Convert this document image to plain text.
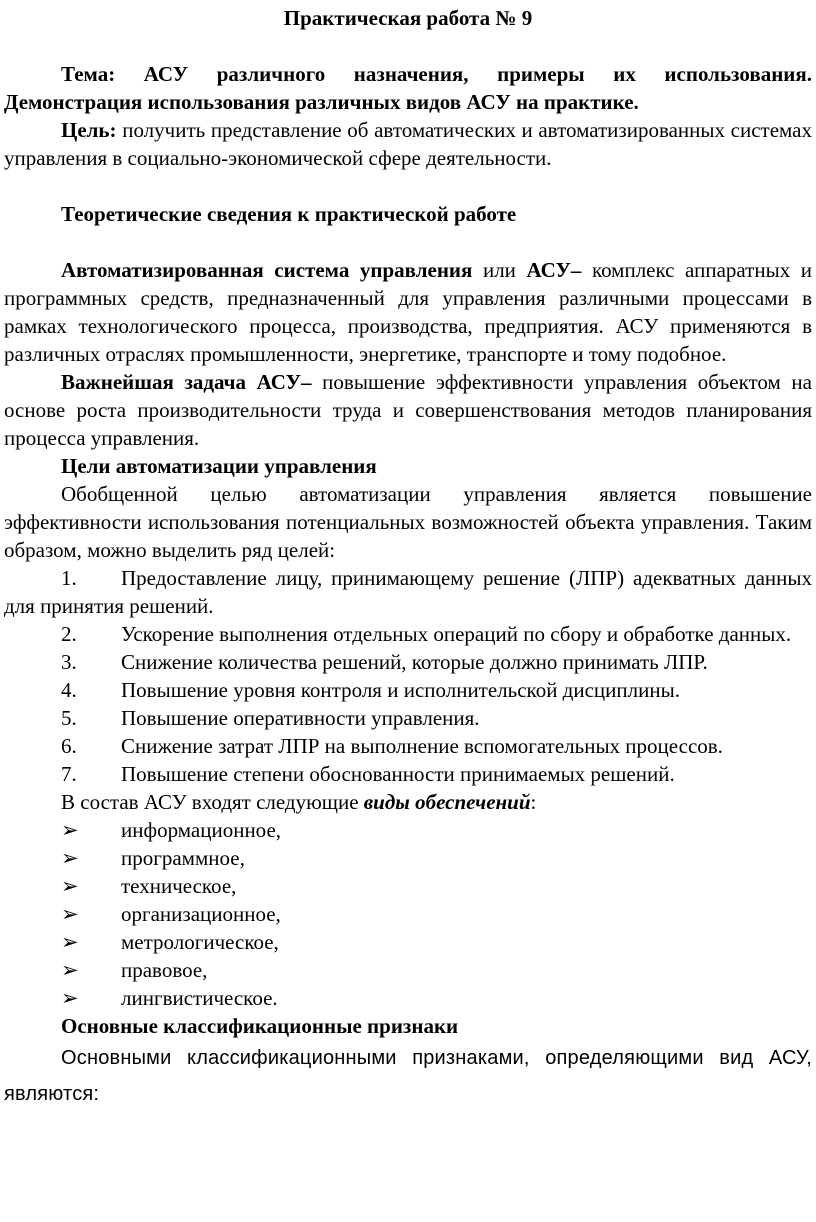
Практическая работа № 9

Тема: АСУ различного назначения, примеры их использования. Демонстрация использования различных видов АСУ на практике.

Цель: получить представление об автоматических и автоматизированных системах управления в социально-экономической сфере деятельности.

Теоретические сведения к практической работе

Автоматизированная система управления или АСУ– комплекс аппаратных и программных средств, предназначенный для управления различными процессами в рамках технологического процесса, производства, предприятия. АСУ применяются в различных отраслях промышленности, энергетике, транспорте и тому подобное.

Важнейшая задача АСУ– повышение эффективности управления объектом на основе роста производительности труда и совершенствования методов планирования процесса управления.

Цели автоматизации управления

Обобщенной целью автоматизации управления является повышение эффективности использования потенциальных возможностей объекта управления. Таким образом, можно выделить ряд целей:

1. Предоставление лицу, принимающему решение (ЛПР) адекватных данных для принятия решений.

2. Ускорение выполнения отдельных операций по сбору и обработке данных.

3. Снижение количества решений, которые должно принимать ЛПР.

4. Повышение уровня контроля и исполнительской дисциплины.

5. Повышение оперативности управления.

6. Снижение затрат ЛПР на выполнение вспомогательных процессов.

7. Повышение степени обоснованности принимаемых решений.

В состав АСУ входят следующие виды обеспечений:

➢	информационное,
➢	программное,
➢	техническое,
➢	организационное,
➢	метрологическое,
➢	правовое,
➢	лингвистическое.

Основные классификационные признаки

Основными классификационными признаками, определяющими вид АСУ, являются:
